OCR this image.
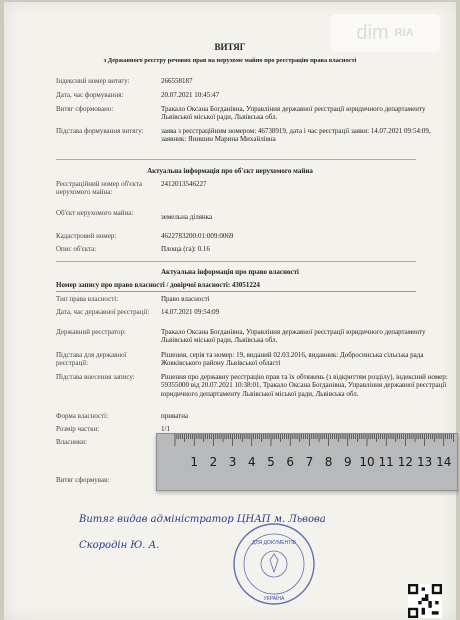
dim RIA
ВИТЯГ
з Державного реєстру речових прав на нерухоме майно про реєстрацію права власності
Індексний номер витягу:	266558187
Дата, час формування:	20.07.2021 10:45:47
Витяг сформовано:	Тракало Оксана Богданівна, Управління державної реєстрації юридичного департаменту Львівської міської ради, Львівська обл.
Підстава формування витягу:	заява з реєстраційним номером: 46738919, дата і час реєстрації заяви: 14.07.2021 09:54:09, заявник: Янишин Марина Михайлівна
Актуальна інформація про об'єкт нерухомого майна
Реєстраційний номер об'єкта нерухомого майна:
2412013546227
Об'єкт нерухомого майна:	земельна ділянка
Кадастровий номер:	4622783200:01:009:0069
Опис об'єкта:	Площа (га): 0.16
Актуальна інформація про право власності
Номер запису про право власності / довірчої власності: 43051224
Тип права власності:	Право власності
Дата, час державної реєстрації:	14.07.2021 09:54:09
Державний реєстратор:	Тракало Оксана Богданівна, Управління державної реєстрації юридичного департаменту Львівської міської ради, Львівська обл.
Підстава для державної реєстрації:
Рішення, серія та номер: 19, виданий 02.03.2016, видавник: Добросинська сільська рада Жовківського району Львівської області
Підстава внесення запису:	Рішення про державну реєстрацію прав та їх обтяжень (з відкриттям розділу), індексний номер: 59355000 від 20.07.2021 10:38:01, Тракало Оксана Богданівна, Управління державної реєстрації юридичного департаменту Львівської міської ради, Львівська обл.
Форма власності:	приватна
Розмір частки:	1/1
Власники:
Витяг сформував:
Витяг видав адміністратор ЦНАП м. Львова
Скородін Ю. А.	ДЛЯ ДОКУМЕНТІВ
УКРАЇНА
1 2 3 4 5 6 7 8 9 10 11 12 13 14
